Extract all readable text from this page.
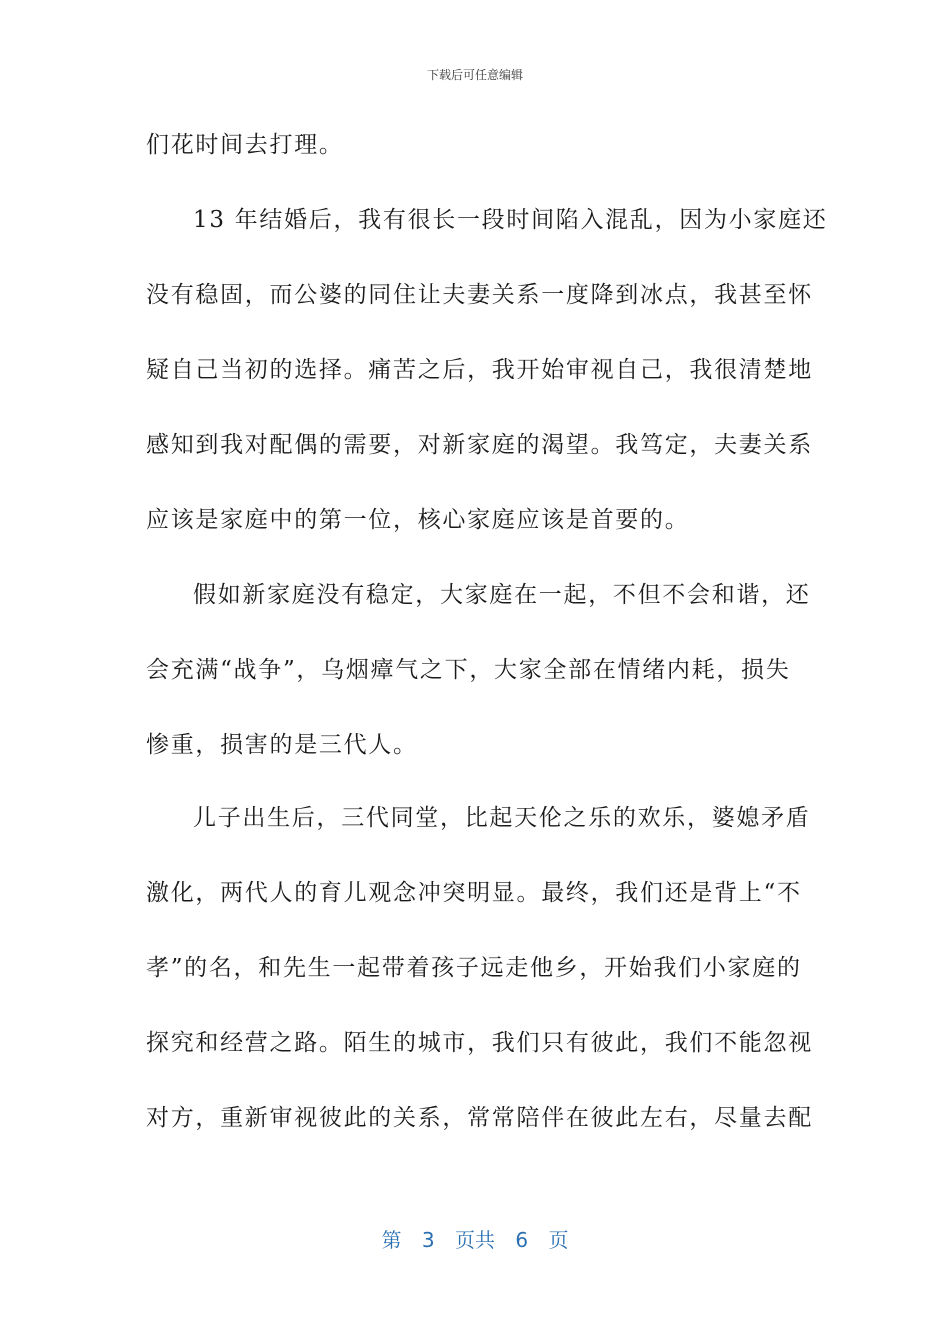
下载后可任意编辑
们花时间去打理。
13 年结婚后，我有很长一段时间陷入混乱，因为小家庭还
没有稳固，而公婆的同住让夫妻关系一度降到冰点，我甚至怀
疑自己当初的选择。痛苦之后，我开始审视自己，我很清楚地
感知到我对配偶的需要，对新家庭的渴望。我笃定，夫妻关系
应该是家庭中的第一位，核心家庭应该是首要的。
假如新家庭没有稳定，大家庭在一起，不但不会和谐，还
会充满“战争”，乌烟瘴气之下，大家全部在情绪内耗，损失
惨重，损害的是三代人。
儿子出生后，三代同堂，比起天伦之乐的欢乐，婆媳矛盾
激化，两代人的育儿观念冲突明显。最终，我们还是背上“不
孝”的名，和先生一起带着孩子远走他乡，开始我们小家庭的
探究和经营之路。陌生的城市，我们只有彼此，我们不能忽视
对方，重新审视彼此的关系，常常陪伴在彼此左右，尽量去配
第 3 页共 6 页
